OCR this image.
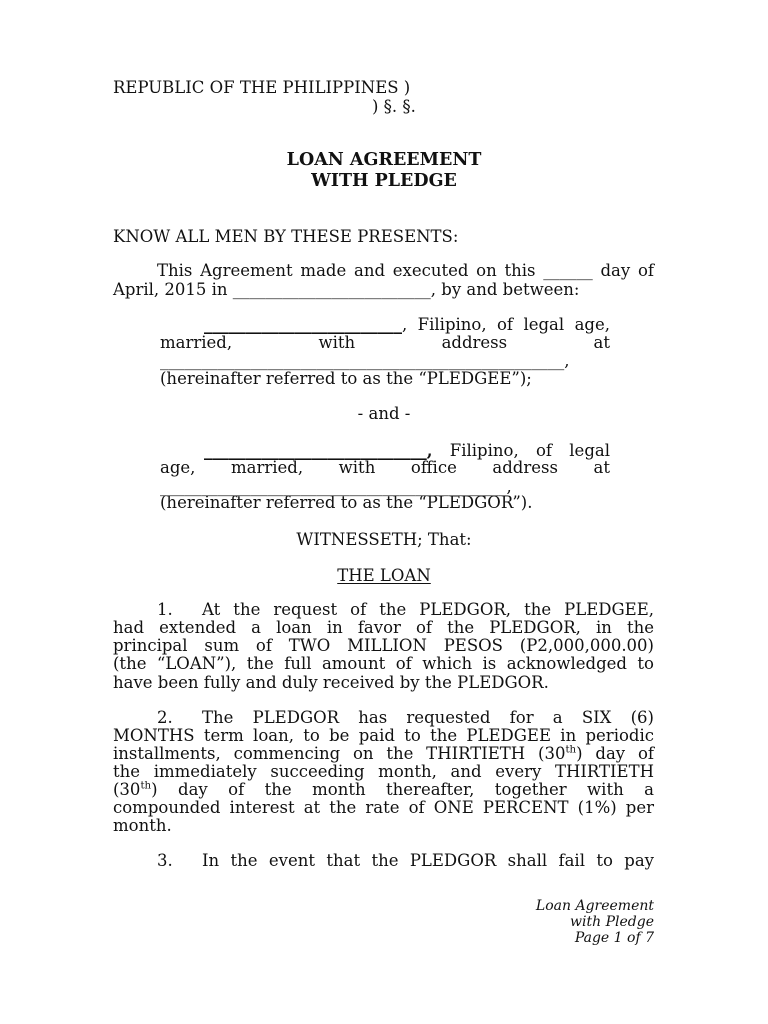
REPUBLIC OF THE PHILIPPINES )
) §. §.
LOAN AGREEMENT
WITH PLEDGE
KNOW ALL MEN BY THESE PRESENTS:
This Agreement made and executed on this ______ day of
April, 2015 in ________________________, by and between:
________________________, Filipino, of legal age,
married, with address at
_________________________________________________,
(hereinafter referred to as the “PLEDGEE”);
- and -
___________________________, Filipino, of legal
age, married, with office address at
__________________________________________,
(hereinafter referred to as the “PLEDGOR”).
WITNESSETH; That:
THE LOAN
1. At the request of the PLEDGOR, the PLEDGEE,
had extended a loan in favor of the PLEDGOR, in the
principal sum of TWO MILLION PESOS (P2,000,000.00)
(the “LOAN”), the full amount of which is acknowledged to
have been fully and duly received by the PLEDGOR.
2. The PLEDGOR has requested for a SIX (6)
MONTHS term loan, to be paid to the PLEDGEE in periodic
installments, commencing on the THIRTIETH (30th) day of
the immediately succeeding month, and every THIRTIETH
(30th) day of the month thereafter, together with a
compounded interest at the rate of ONE PERCENT (1%) per
month.
3. In the event that the PLEDGOR shall fail to pay
Loan Agreement
with Pledge
Page 1 of 7
